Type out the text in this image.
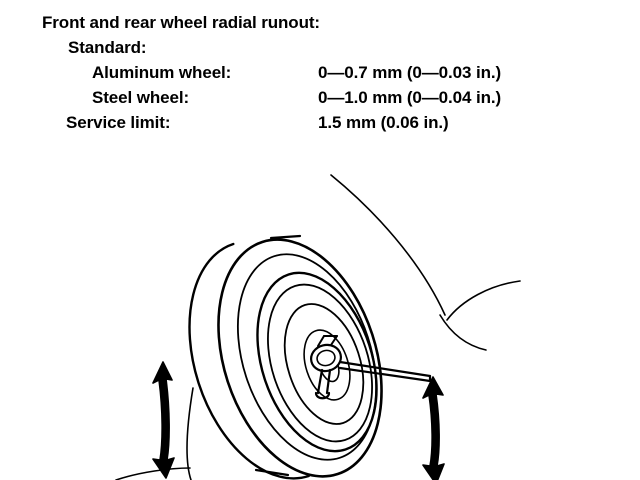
Front and rear wheel radial runout:
Standard:
Aluminum wheel:	0—0.7 mm (0—0.03 in.)
Steel wheel:	0—1.0 mm (0—0.04 in.)
Service limit:	1.5 mm (0.06 in.)
